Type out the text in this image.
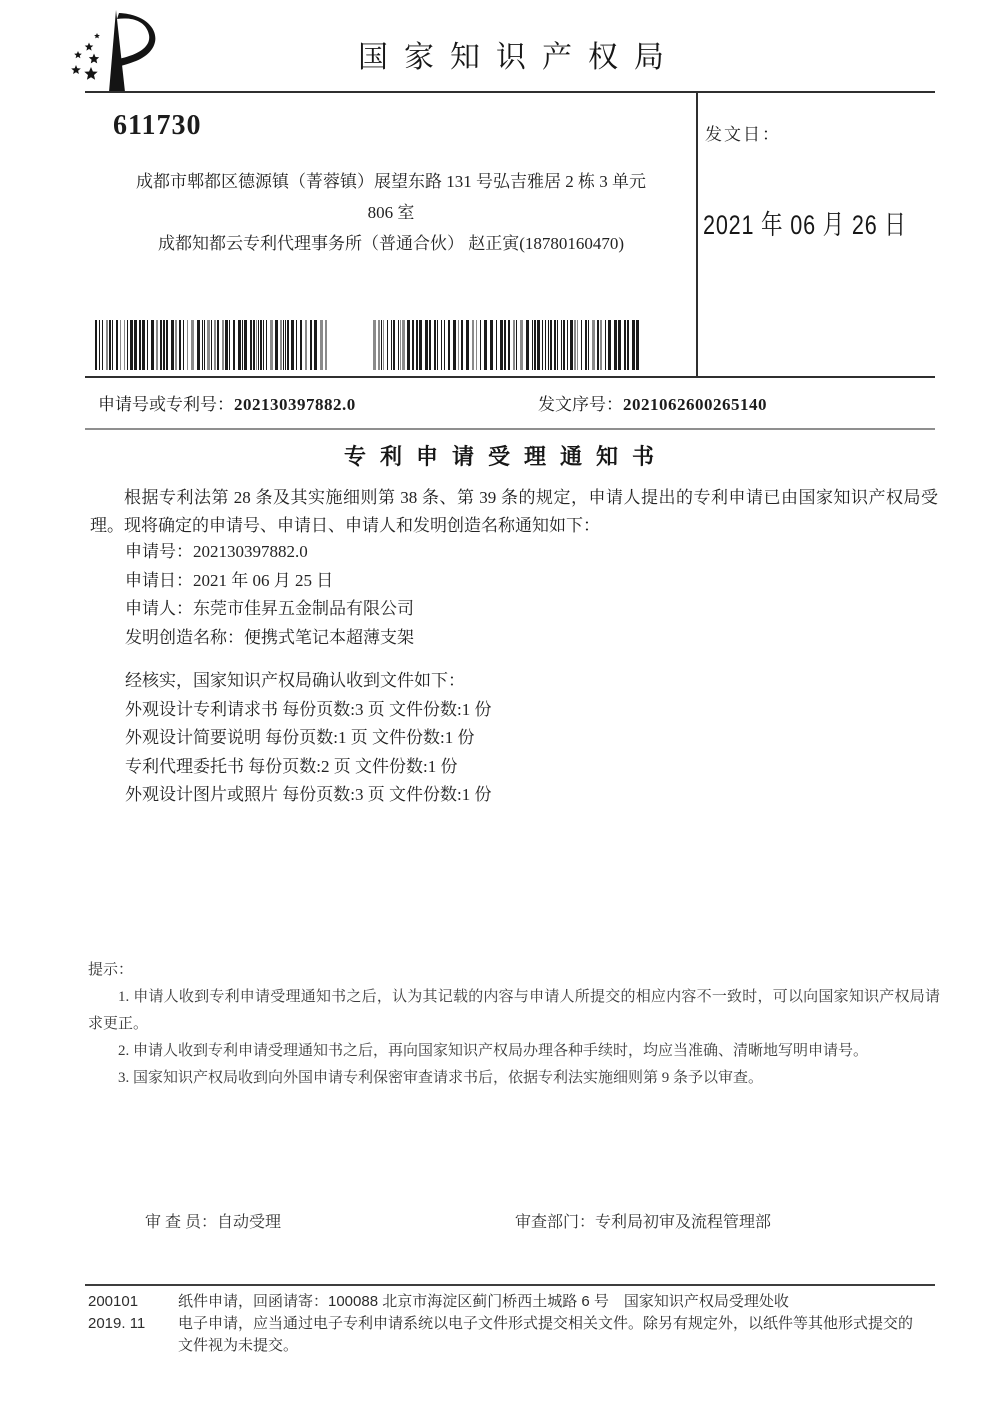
国家知识产权局
611730
成都市郫都区德源镇（菁蓉镇）展望东路 131 号弘吉雅居 2 栋 3 单元
806 室
成都知都云专利代理事务所（普通合伙） 赵正寅(18780160470)
发文日：
2021 年 06 月 26 日
申请号或专利号：202130397882.0	发文序号：2021062600265140
专利申请受理通知书
根据专利法第 28 条及其实施细则第 38 条、第 39 条的规定，申请人提出的专利申请已由国家知识产权局受理。现将确定的申请号、申请日、申请人和发明创造名称通知如下：
申请号：202130397882.0
申请日：2021 年 06 月 25 日
申请人：东莞市佳昇五金制品有限公司
发明创造名称：便携式笔记本超薄支架
经核实，国家知识产权局确认收到文件如下：
外观设计专利请求书 每份页数:3 页 文件份数:1 份
外观设计简要说明 每份页数:1 页 文件份数:1 份
专利代理委托书 每份页数:2 页 文件份数:1 份
外观设计图片或照片 每份页数:3 页 文件份数:1 份
提示：

1. 申请人收到专利申请受理通知书之后，认为其记载的内容与申请人所提交的相应内容不一致时，可以向国家知识产权局请求更正。

2. 申请人收到专利申请受理通知书之后，再向国家知识产权局办理各种手续时，均应当准确、清晰地写明申请号。

3. 国家知识产权局收到向外国申请专利保密审查请求书后，依据专利法实施细则第 9 条予以审查。

审 查 员：自动受理	审查部门：专利局初审及流程管理部
200101
2019. 11
纸件申请，回函请寄：100088 北京市海淀区蓟门桥西土城路 6 号　国家知识产权局受理处收
电子申请，应当通过电子专利申请系统以电子文件形式提交相关文件。除另有规定外，以纸件等其他形式提交的
文件视为未提交。
